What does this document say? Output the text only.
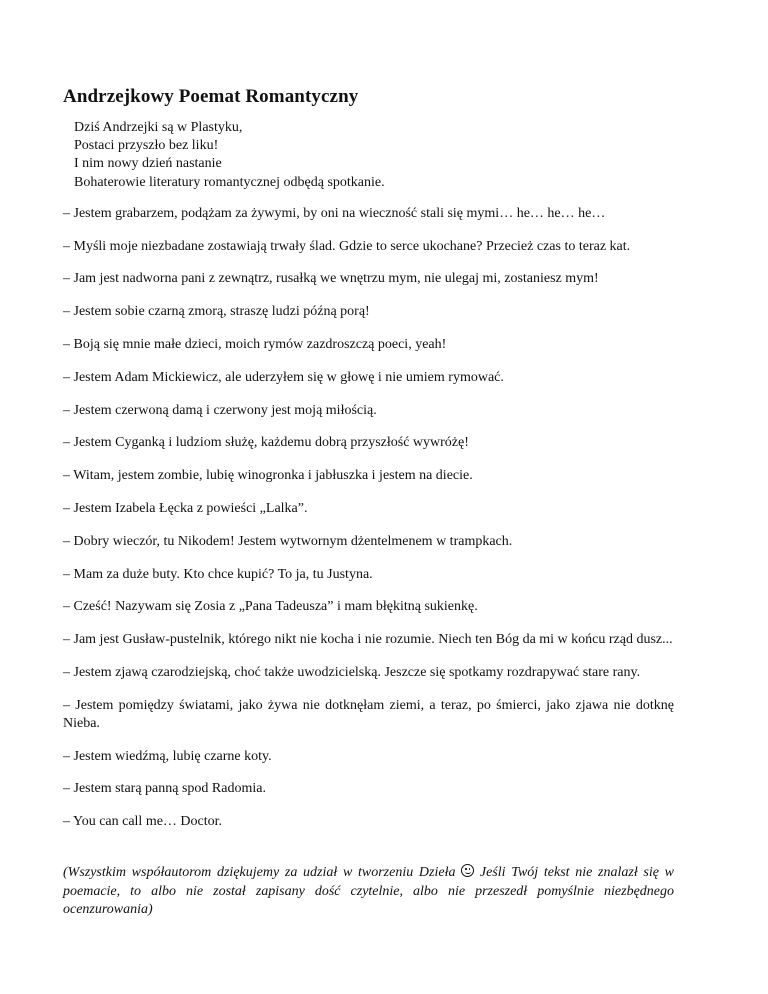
Andrzejkowy Poemat Romantyczny
Dziś Andrzejki są w Plastyku,
Postaci przyszło bez liku!
I nim nowy dzień nastanie
Bohaterowie literatury romantycznej odbędą spotkanie.

– Jestem grabarzem, podążam za żywymi, by oni na wieczność stali się mymi… he… he… he…

– Myśli moje niezbadane zostawiają trwały ślad. Gdzie to serce ukochane? Przecież czas to teraz kat.

– Jam jest nadworna pani z zewnątrz, rusałką we wnętrzu mym, nie ulegaj mi, zostaniesz mym!

– Jestem sobie czarną zmorą, straszę ludzi późną porą!

– Boją się mnie małe dzieci, moich rymów zazdroszczą poeci, yeah!

– Jestem Adam Mickiewicz, ale uderzyłem się w głowę i nie umiem rymować.

– Jestem czerwoną damą i czerwony jest moją miłością.

– Jestem Cyganką i ludziom służę, każdemu dobrą przyszłość wywróżę!

– Witam, jestem zombie, lubię winogronka i jabłuszka i jestem na diecie.

– Jestem Izabela Łęcka z powieści „Lalka”.

– Dobry wieczór, tu Nikodem! Jestem wytwornym dżentelmenem w trampkach.

– Mam za duże buty. Kto chce kupić? To ja, tu Justyna.

– Cześć! Nazywam się Zosia z „Pana Tadeusza” i mam błękitną sukienkę.

– Jam jest Gusław-pustelnik, którego nikt nie kocha i nie rozumie. Niech ten Bóg da mi w końcu rząd dusz...

– Jestem zjawą czarodziejską, choć także uwodzicielską. Jeszcze się spotkamy rozdrapywać stare rany.

– Jestem pomiędzy światami, jako żywa nie dotknęłam ziemi, a teraz, po śmierci, jako zjawa nie dotknę Nieba.

– Jestem wiedźmą, lubię czarne koty.

– Jestem starą panną spod Radomia.

– You can call me… Doctor.

(Wszystkim współautorom dziękujemy za udział w tworzeniu Dzieła Jeśli Twój tekst nie znalazł się w poemacie, to albo nie został zapisany dość czytelnie, albo nie przeszedł pomyślnie niezbędnego ocenzurowania)
